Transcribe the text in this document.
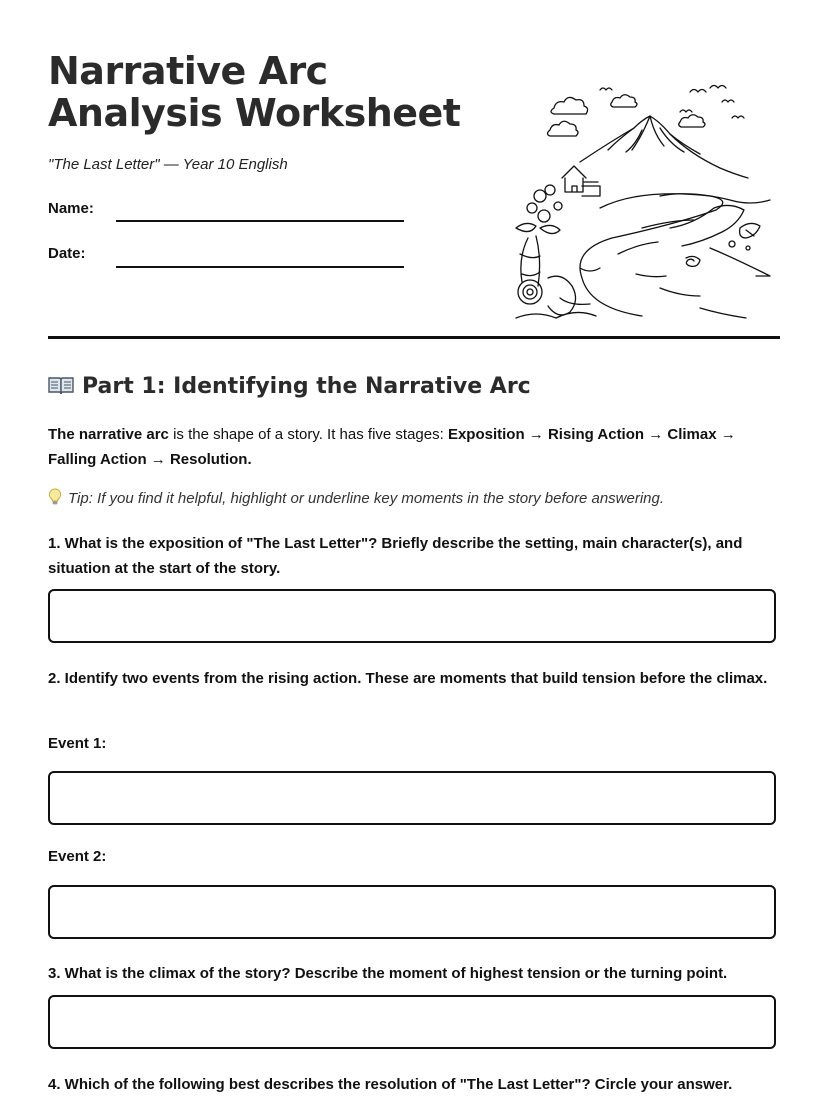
Narrative Arc Analysis Worksheet
"The Last Letter" — Year 10 English
Name:
Date:
Part 1: Identifying the Narrative Arc
The narrative arc is the shape of a story. It has five stages: Exposition → Rising Action → Climax → Falling Action → Resolution.
Tip: If you find it helpful, highlight or underline key moments in the story before answering.
1. What is the exposition of "The Last Letter"? Briefly describe the setting, main character(s), and situation at the start of the story.
2. Identify two events from the rising action. These are moments that build tension before the climax.
Event 1:
Event 2:
3. What is the climax of the story? Describe the moment of highest tension or the turning point.
4. Which of the following best describes the resolution of "The Last Letter"? Circle your answer.
